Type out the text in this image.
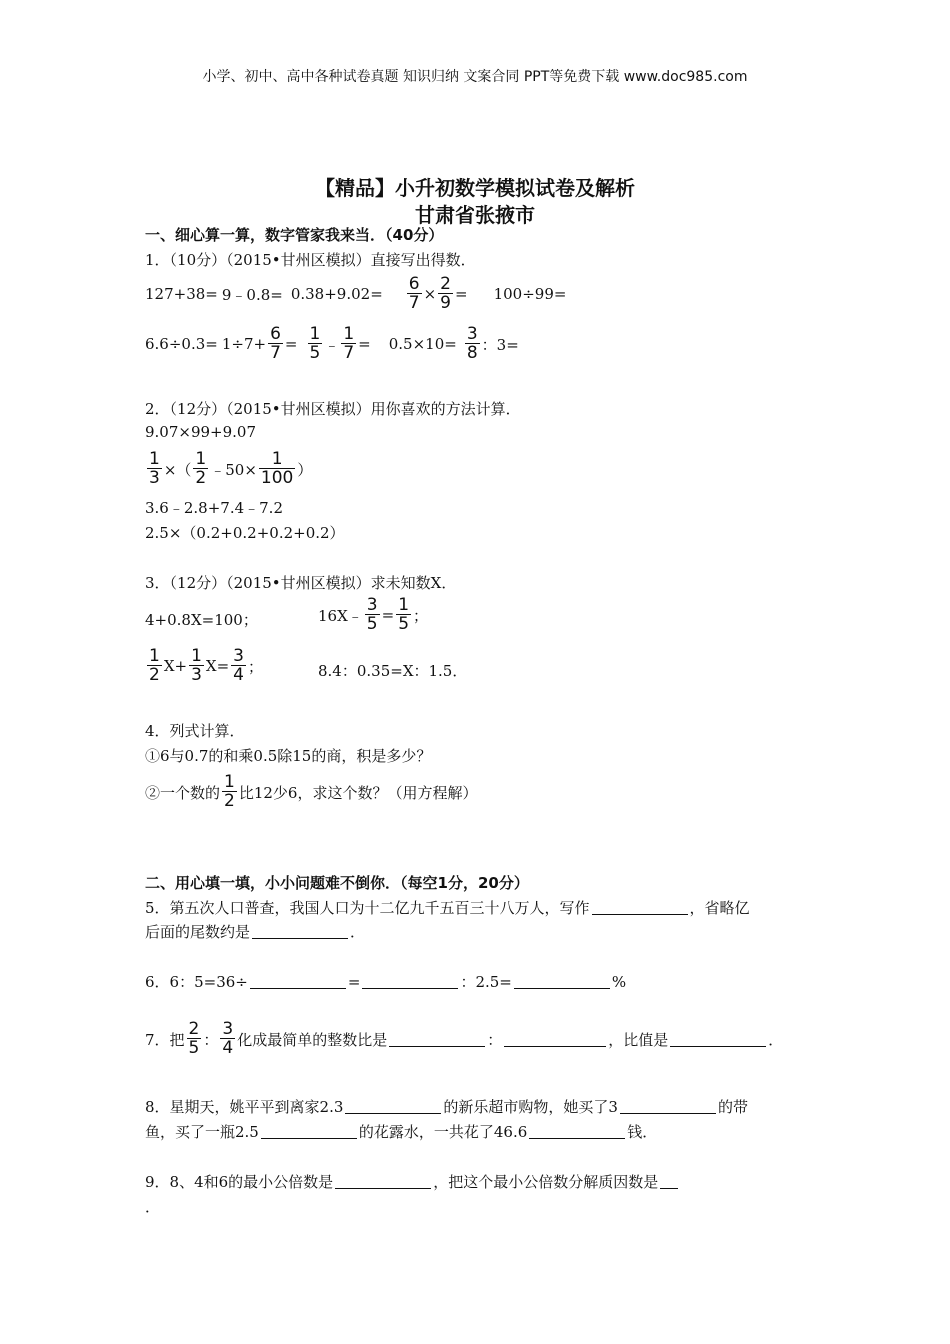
小学、初中、高中各种试卷真题 知识归纳 文案合同 PPT等免费下载 www.doc985.com
【精品】小升初数学模拟试卷及解析
甘肃省张掖市
一、细心算一算，数字管家我来当．（40分）
1．（10分）（2015•甘州区模拟）直接写出得数．
127+38= 9﹣0.8= $0.38+9.02= \frac{6}{7} \times \frac{2}{9} = 100\div 99=$
$6.6\div 0.3= 1\div 7+ \frac{6}{7} = \frac{1}{5}$ ﹣ $\frac{1}{7} = 0.5\times 10= \frac{3}{8}$ ：3=
2．（12分）（2015•甘州区模拟）用你喜欢的方法计算．
9.07×99+9.07
$\frac{1}{3}$ ×（ $\frac{1}{2}$ ﹣50× $\frac{1}{100}$ ）
3.6﹣2.8+7.4﹣7.2
2.5×（0.2+0.2+0.2+0.2）
3．（12分）（2015•甘州区模拟）求未知数X．
4+0.8X=100；	16X﹣ $\frac{3}{5} = \frac{1}{5}$ ；
$\frac{1}{2} X+ \frac{1}{3} X= \frac{3}{4}$ ；	8.4：0.35=X：1.5．
4．列式计算．
①6与0.7的和乘0.5除15的商，积是多少？
②一个数的 $\frac{1}{2}$ 比12少6，求这个数？（用方程解）
二、用心填一填，小小问题难不倒你．（每空1分，20分）
5．第五次人口普查，我国人口为十二亿九千五百三十八万人，写作	，省略亿
后面的尾数约是	．
6．6：5=36÷	=	：2.5=	%
7．把 $\frac{2}{5}$ ： $\frac{3}{4}$ 化成最简单的整数比是	：	，比值是	．
8．星期天，姚平平到离家2.3	的新乐超市购物，她买了3	的带
鱼，买了一瓶2.5	的花露水，一共花了46.6	钱．
9．8、4和6的最小公倍数是	，把这个最小公倍数分解质因数是
．
